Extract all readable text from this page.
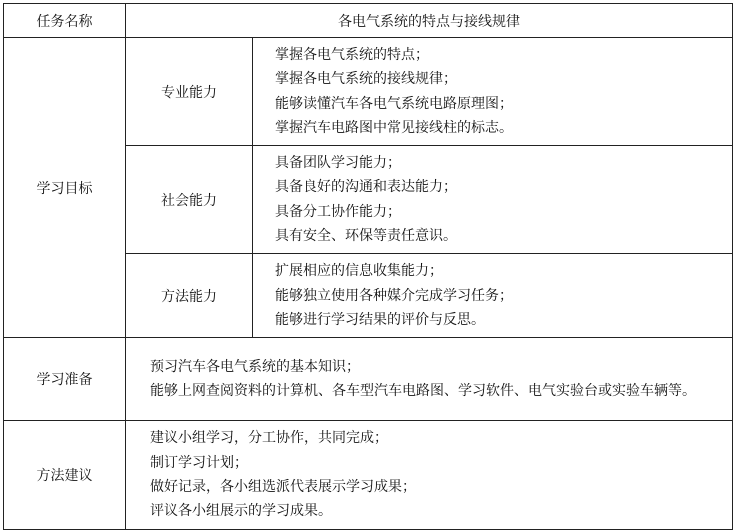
任务名称	各电气系统的特点与接线规律	
学习目标	专业能力	掌握各电气系统的特点；
掌握各电气系统的接线规律；
能够读懂汽车各电气系统电路原理图；
掌握汽车电路图中常见接线柱的标志。

	社会能力	具备团队学习能力；
具备良好的沟通和表达能力；
具备分工协作能力；
具有安全、环保等责任意识。

	方法能力	扩展相应的信息收集能力；
能够独立使用各种媒介完成学习任务；
能够进行学习结果的评价与反思。

学习准备	预习汽车各电气系统的基本知识；
能够上网查阅资料的计算机、各车型汽车电路图、学习软件、电气实验台或实验车辆等。	

方法建议	建议小组学习，分工协作，共同完成；
制订学习计划；
做好记录，各小组选派代表展示学习成果；
评议各小组展示的学习成果。	
